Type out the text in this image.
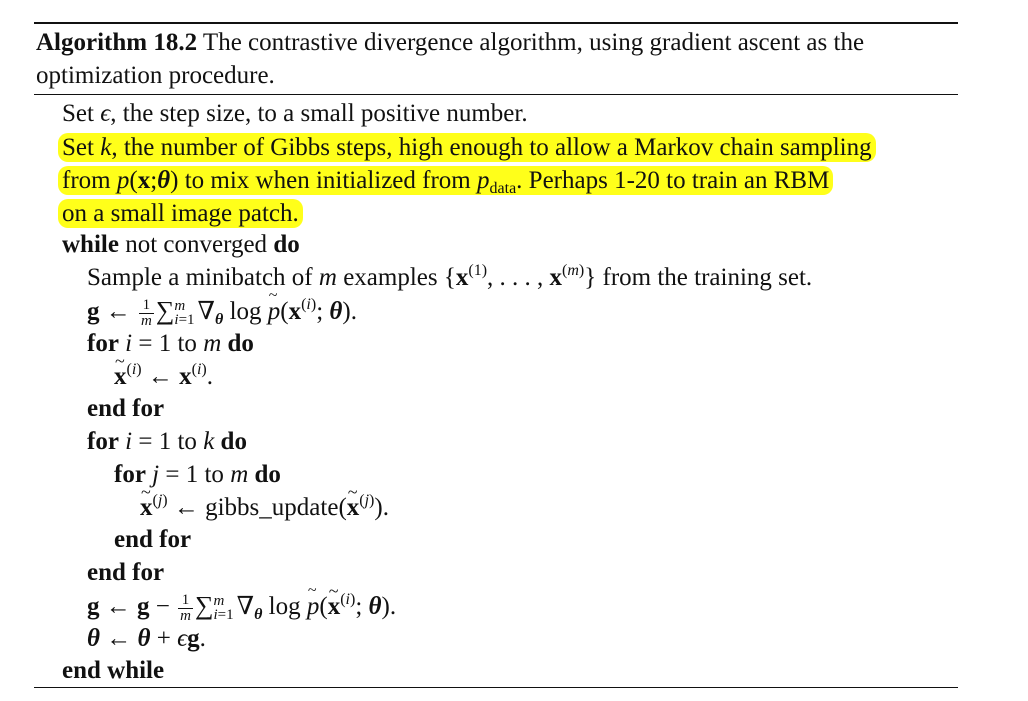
Algorithm 18.2 The contrastive divergence algorithm, using gradient ascent as the optimization procedure.
Set ϵ, the step size, to a small positive number.
Set k, the number of Gibbs steps, high enough to allow a Markov chain sampling
from p(x;θ) to mix when initialized from $p_{data}$. Perhaps 1-20 to train an RBM
on a small image patch.
while not converged do
Sample a minibatch of m examples {$x^{(1)}$, . . . , $x^{(m)}$} from the training set.
g ← $\frac{1}{m}$ ∑ m
i=1 $\nabla_\theta$ log ~ $p(x^{(i)}$; θ).
for i = 1 to m do
~ $x^{(i)}$ ← $x^{(i)}$.
end for
for i = 1 to k do
for j = 1 to m do
~ $x^{(j)}$ ← gibbs_update(~ $x^{(j)}$).
end for
end for
g ← $g - \frac{1}{m}$ ∑ m
i=1 $\nabla_\theta$ log ~ p(~ $x^{(i)}$; θ).
θ ← θ + ϵg.
end while
